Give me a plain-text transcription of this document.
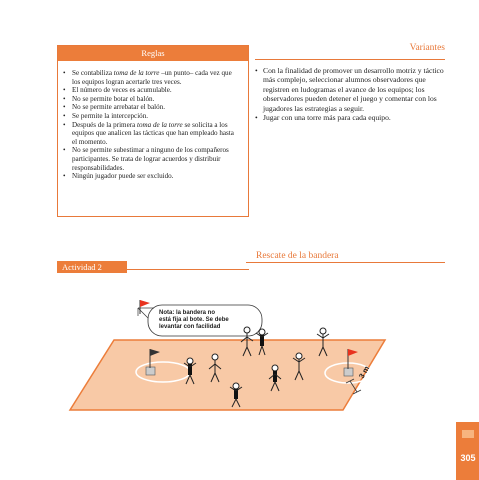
Reglas
• Se contabiliza toma de la torre –un punto– cada vez que los equipos logran acertarle tres veces.
• El número de veces es acumulable.
• No se permite botar el balón.
• No se permite arrebatar el balón.
• Se permite la intercepción.
• Después de la primera toma de la torre se solicita a los equipos que analicen las tácticas que han empleado hasta el momento.
• No se permite subestimar a ninguno de los compañeros participantes. Se trata de lograr acuerdos y distribuir responsabilidades.
• Ningún jugador puede ser excluido.
Variantes
• Con la finalidad de promover un desarrollo motriz y táctico más complejo, seleccionar alumnos observadores que registren en ludogramas el avance de los equipos; los observadores pueden detener el juego y comentar con los jugadores las estrategias a seguir.
• Jugar con una torre más para cada equipo.
Actividad 2
Rescate de la bandera
Nota: la bandera no
está fija al bote. Se debe
levantar con facilidad
3 m
305
